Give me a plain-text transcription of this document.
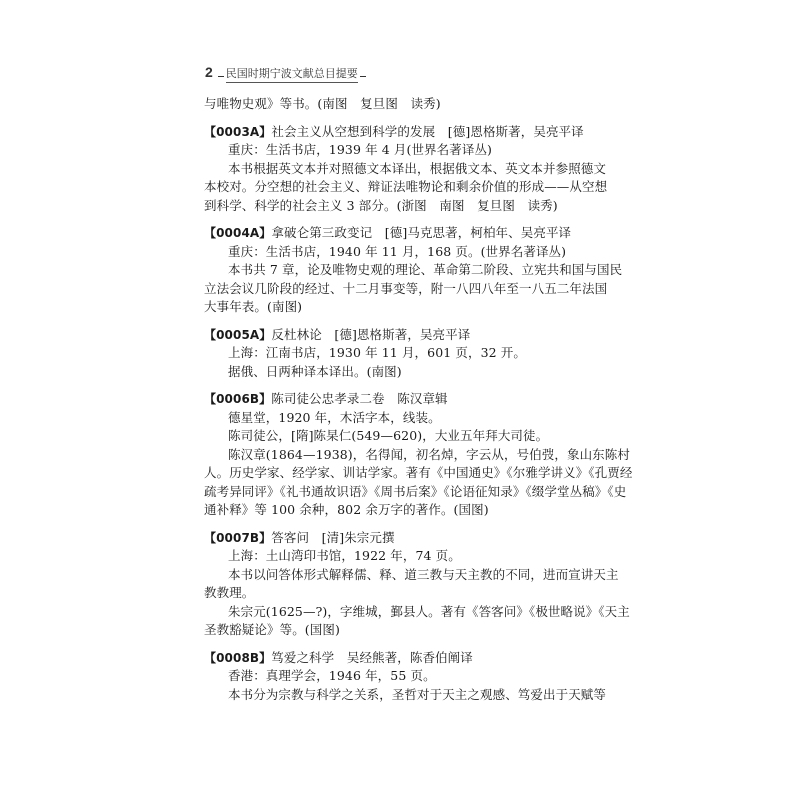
2 民国时期宁波文献总目提要
与唯物史观》等书。(南图　复旦图　读秀)
【0003A】社会主义从空想到科学的发展　[德]恩格斯著，吴亮平译
重庆：生活书店，1939 年 4 月(世界名著译丛)
本书根据英文本并对照德文本译出，根据俄文本、英文本并参照德文
本校对。分空想的社会主义、辩证法唯物论和剩余价值的形成——从空想
到科学、科学的社会主义 3 部分。(浙图　南图　复旦图　读秀)
【0004A】拿破仑第三政变记　[德]马克思著，柯柏年、吴亮平译
重庆：生活书店，1940 年 11 月，168 页。(世界名著译丛)
本书共 7 章，论及唯物史观的理论、革命第二阶段、立宪共和国与国民
立法会议几阶段的经过、十二月事变等，附一八四八年至一八五二年法国
大事年表。(南图)
【0005A】反杜林论　[德]恩格斯著，吴亮平译
上海：江南书店，1930 年 11 月，601 页，32 开。
据俄、日两种译本译出。(南图)
【0006B】陈司徒公忠孝录二卷　陈汉章辑
德星堂，1920 年，木活字本，线装。
陈司徒公，[隋]陈杲仁(549—620)，大业五年拜大司徒。
陈汉章(1864—1938)，名得闻，初名焯，字云从，号伯弢，象山东陈村
人。历史学家、经学家、训诂学家。著有《中国通史》《尔雅学讲义》《孔贾经
疏考异同评》《礼书通故识语》《周书后案》《论语征知录》《缀学堂丛稿》《史
通补释》等 100 余种，802 余万字的著作。(国图)
【0007B】答客问　[清]朱宗元撰
上海：土山湾印书馆，1922 年，74 页。
本书以问答体形式解释儒、释、道三教与天主教的不同，进而宣讲天主
教教理。
朱宗元(1625—?)，字维城，鄞县人。著有《答客问》《极世略说》《天主
圣教豁疑论》等。(国图)
【0008B】笃爱之科学　吴经熊著，陈香伯阐译
香港：真理学会，1946 年，55 页。
本书分为宗教与科学之关系，圣哲对于天主之观感、笃爱出于天赋等
